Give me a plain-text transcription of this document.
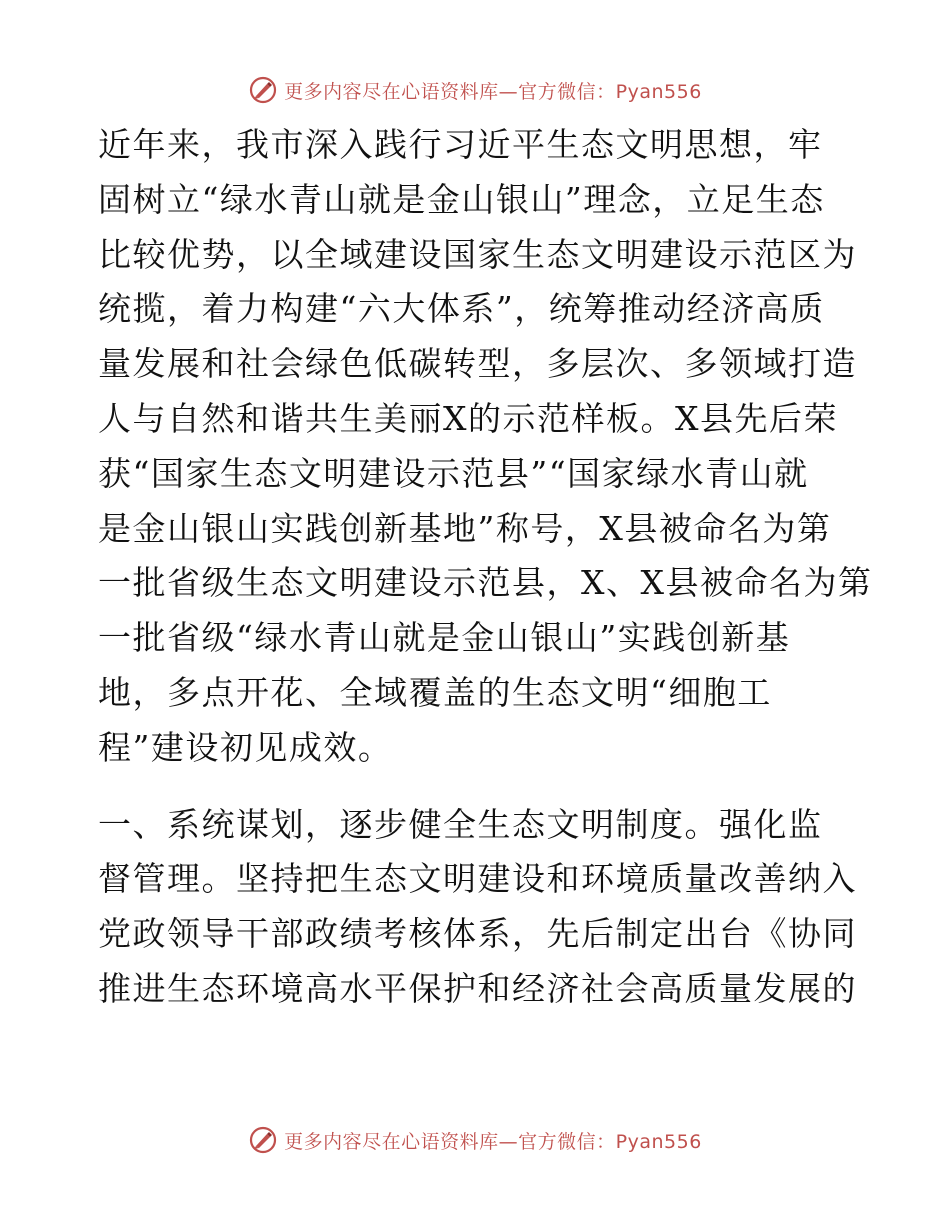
更多内容尽在心语资料库—官方微信：Pyan556
近年来，我市深入践行习近平生态文明思想，牢
固树立“绿水青山就是金山银山”理念，立足生态
比较优势，以全域建设国家生态文明建设示范区为
统揽，着力构建“六大体系”，统筹推动经济高质
量发展和社会绿色低碳转型，多层次、多领域打造
人与自然和谐共生美丽X的示范样板。X县先后荣
获“国家生态文明建设示范县”“国家绿水青山就
是金山银山实践创新基地”称号，X县被命名为第
一批省级生态文明建设示范县，X、X县被命名为第
一批省级“绿水青山就是金山银山”实践创新基
地，多点开花、全域覆盖的生态文明“细胞工
程”建设初见成效。
一、系统谋划，逐步健全生态文明制度。强化监
督管理。坚持把生态文明建设和环境质量改善纳入
党政领导干部政绩考核体系，先后制定出台《协同
推进生态环境高水平保护和经济社会高质量发展的
更多内容尽在心语资料库—官方微信：Pyan556
